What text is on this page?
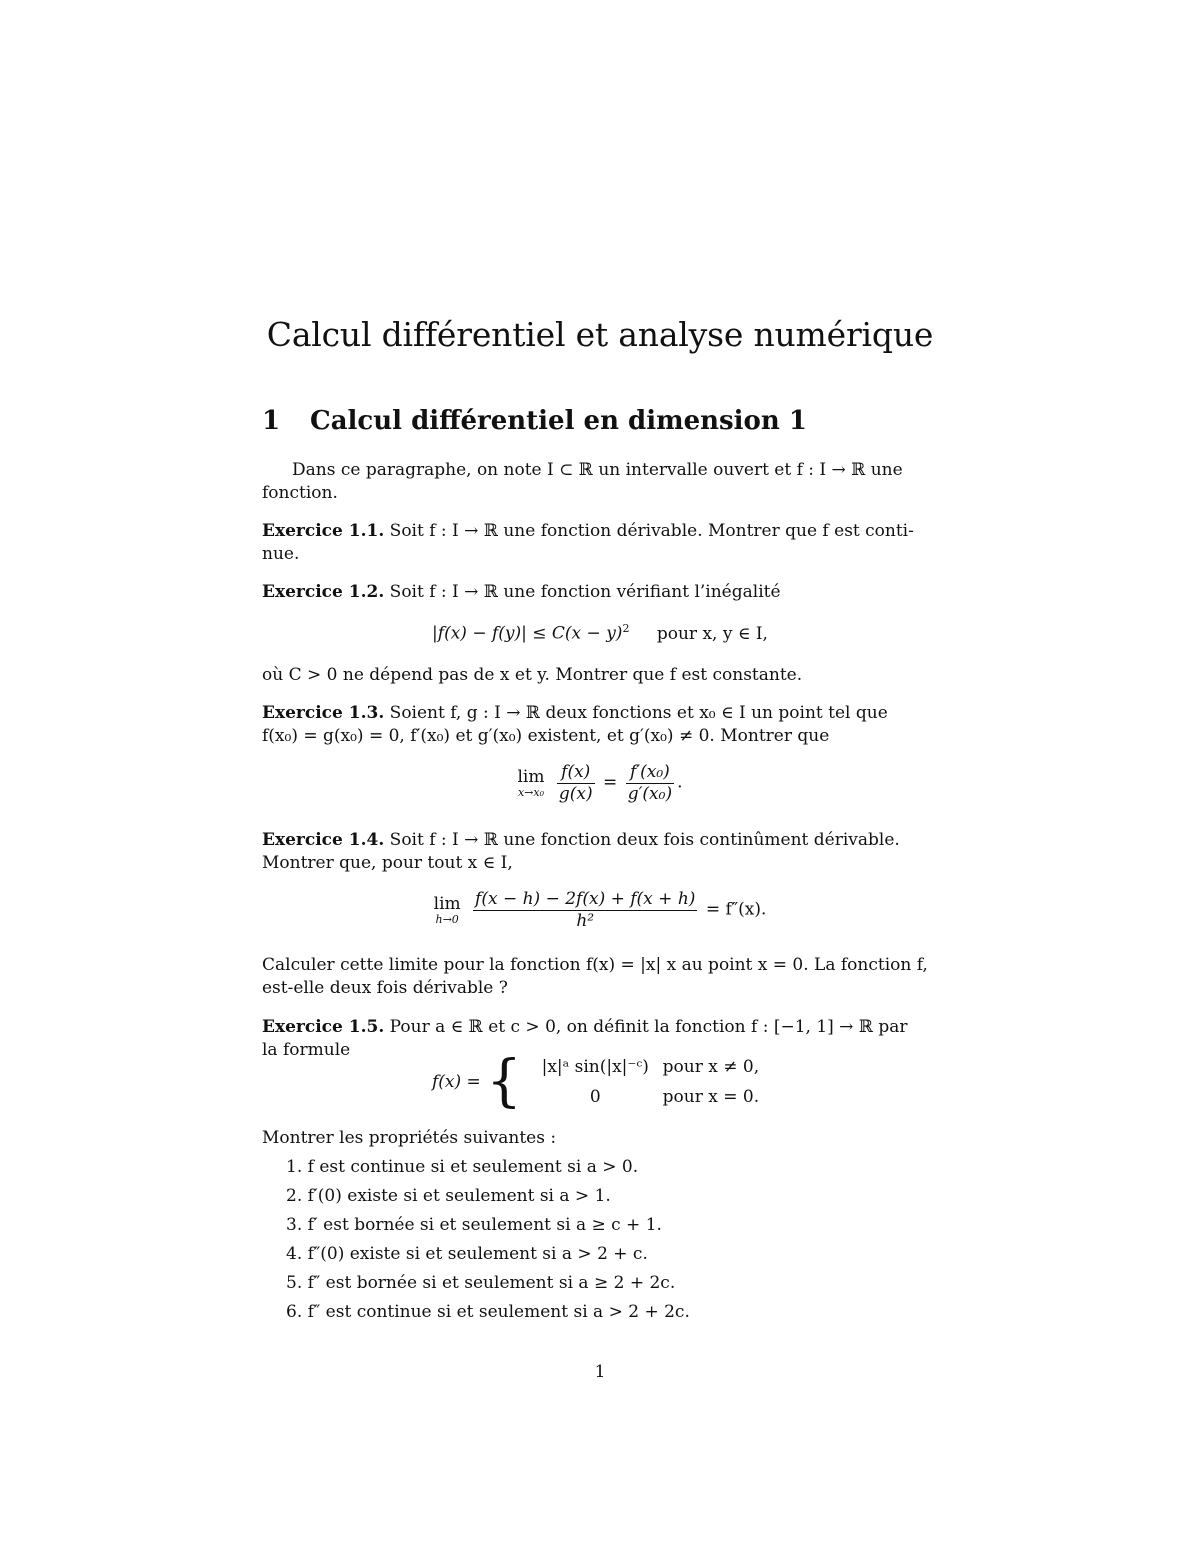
Calcul différentiel et analyse numérique
1 Calcul différentiel en dimension 1
Dans ce paragraphe, on note I ⊂ ℝ un intervalle ouvert et f : I → ℝ une
fonction.
Exercice 1.1. Soit f : I → ℝ une fonction dérivable. Montrer que f est conti-
nue.
Exercice 1.2. Soit f : I → ℝ une fonction vérifiant l’inégalité
$|f(x) - f(y)| \le C(x - y)^2$ pour x, y ∈ I,
où C > 0 ne dépend pas de x et y. Montrer que f est constante.
Exercice 1.3. Soient f, g : I → ℝ deux fonctions et x₀ ∈ I un point tel que
f(x₀) = g(x₀) = 0, f′(x₀) et g′(x₀) existent, et g′(x₀) ≠ 0. Montrer que
lim
x→x₀
$\frac{f(x)}{g(x)} = \frac{\text{f′(x₀)}}{\text{g′(x₀)}}$ .
Exercice 1.4. Soit f : I → ℝ une fonction deux fois continûment dérivable.
Montrer que, pour tout x ∈ I,
lim
h→0
$\frac{f(x - h) - 2f(x) + f(x + h)}{\text{h²}} = f''(x)$.
Calculer cette limite pour la fonction f(x) = |x| x au point x = 0. La fonction f,
est-elle deux fois dérivable ?
Exercice 1.5. Pour a ∈ ℝ et c > 0, on définit la fonction f : [−1, 1] → ℝ par
la formule
f(x) = {	|x|ᵃ sin(|x|⁻ᶜ) pour x ≠ 0,
0	pour x = 0.
Montrer les propriétés suivantes :
1. f est continue si et seulement si a > 0.
2. f′(0) existe si et seulement si a > 1.
3. f′ est bornée si et seulement si a ≥ c + 1.
4. f″(0) existe si et seulement si a > 2 + c.
5. f″ est bornée si et seulement si a ≥ 2 + 2c.
6. f″ est continue si et seulement si a > 2 + 2c.
1
